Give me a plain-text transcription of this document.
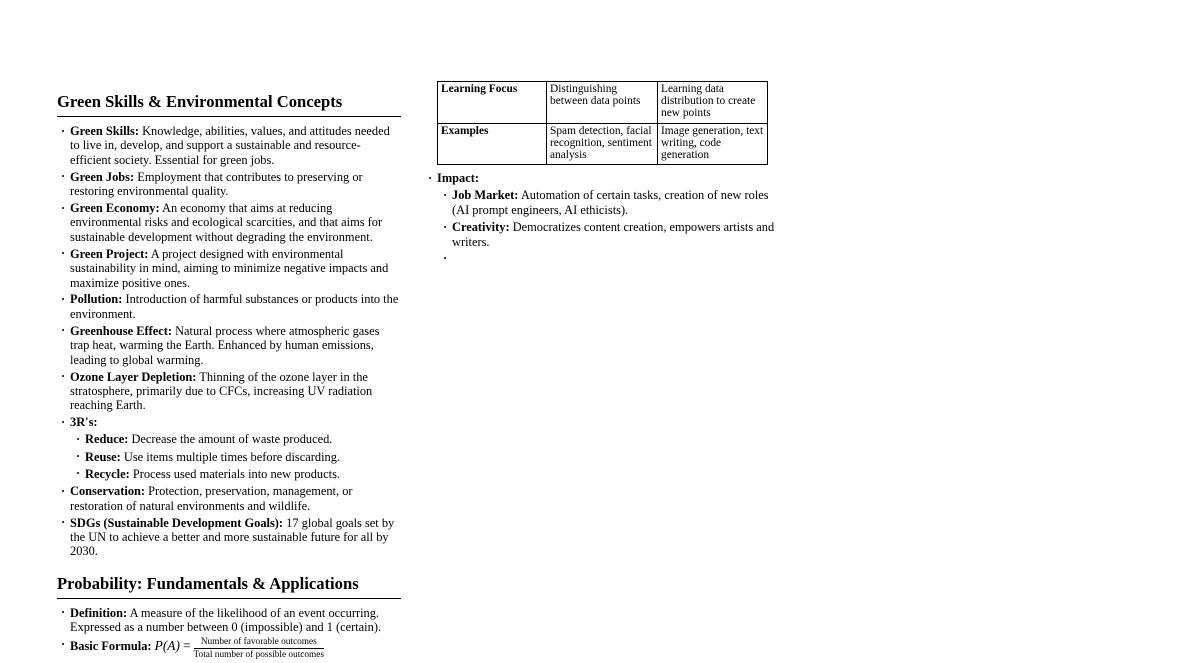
Green Skills & Environmental Concepts
· Green Skills: Knowledge, abilities, values, and attitudes needed to live in, develop, and support a sustainable and resource-efficient society. Essential for green jobs.
· Green Jobs: Employment that contributes to preserving or restoring environmental quality.
· Green Economy: An economy that aims at reducing environmental risks and ecological scarcities, and that aims for sustainable development without degrading the environment.
· Green Project: A project designed with environmental sustainability in mind, aiming to minimize negative impacts and maximize positive ones.
· Pollution: Introduction of harmful substances or products into the environment.
· Greenhouse Effect: Natural process where atmospheric gases trap heat, warming the Earth. Enhanced by human emissions, leading to global warming.
· Ozone Layer Depletion: Thinning of the ozone layer in the stratosphere, primarily due to CFCs, increasing UV radiation reaching Earth.
· 3R's:
· Reduce: Decrease the amount of waste produced.
· Reuse: Use items multiple times before discarding.
· Recycle: Process used materials into new products.
· Conservation: Protection, preservation, management, or restoration of natural environments and wildlife.
· SDGs (Sustainable Development Goals): 17 global goals set by the UN to achieve a better and more sustainable future for all by 2030.
Probability: Fundamentals & Applications
· Definition: A measure of the likelihood of an event occurring. Expressed as a number between 0 (impossible) and 1 (certain).
· Basic Formula: $P(A) = \frac{\text{Number of favorable outcomes}}{\text{Total number of possible outcomes}}$
Learning Focus	Distinguishing between data points	Learning data distribution to create new points
Examples	Spam detection, facial recognition, sentiment analysis	Image generation, text writing, code generation
· Impact:
· Job Market: Automation of certain tasks, creation of new roles (AI prompt engineers, AI ethicists).
· Creativity: Democratizes content creation, empowers artists and writers.
